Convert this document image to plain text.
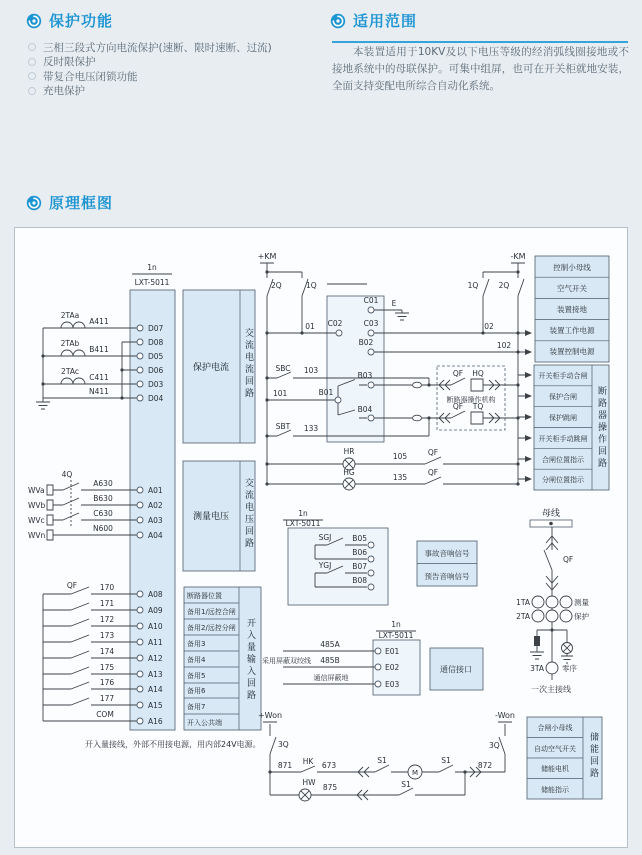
保护功能
三相三段式方向电流保护(速断、限时速断、过流)
反时限保护
带复合电压闭锁功能
充电保护
适用范围

本装置适用于10KV及以下电压等级的经消弧线圈接地或不接地系统中的母联保护。可集中组屏，也可在开关柜就地安装，全面支持变配电所综合自动化系统。

原理框图
1n
LXT-5011
2TAa
2TAb
2TAc
A411
B411
C411
N411
D07
D08
D05
D06
D03
D04
保护电流
测量电压
4Q
WVa
WVb
WVc
WVn
A630
B630
C630
N600
A01
A02
A03
A04
QF	170
171
172
173
174
175
176
177
COM
A08
A09
A10
A11
A12
A13
A14
A15
A16
断路器位置
备用1/远控合闸
备用2/远控分闸
备用3
备用4
备用5
备用6
备用7
开入公共端
开入量接线，外部不用接电源，用内部24V电源。
+KM	-KM
2Q	1Q	1Q	2Q
01	02
102
C01 E
C02	C03
B02
SBC 103
101	B01
B03
B04
SBT 133
QF HQ
QF TQ
断路器操作机构
HR
105	QF
HG
135
QF
控制小母线
空气开关
装置接地
装置工作电源
装置控制电源
开关柜手动合闸
保护合闸
保护跳闸
开关柜手动跳闸
合闸位置指示
分闸位置指示
1n
LXT-5011
SGJ
YGJ
B05
B06
B07
B08
事故音响信号
预告音响信号
1n
LXT-5011
采用屏蔽双绞线
485A
485B
通信屏蔽地
E01
E02
E03
通信接口
母线
QF
1TA	测量
2TA	保护
3TA 零序
一次主接线
+Won	-Won
3Q	3Q
871 HK 673
S1	S1
872
HW
875	S1
M
合闸小母线
自动空气开关
储能电机
储能指示
交流电流回路
交流电压回路
开入量输入回路
断路器操作回路
储能回路
